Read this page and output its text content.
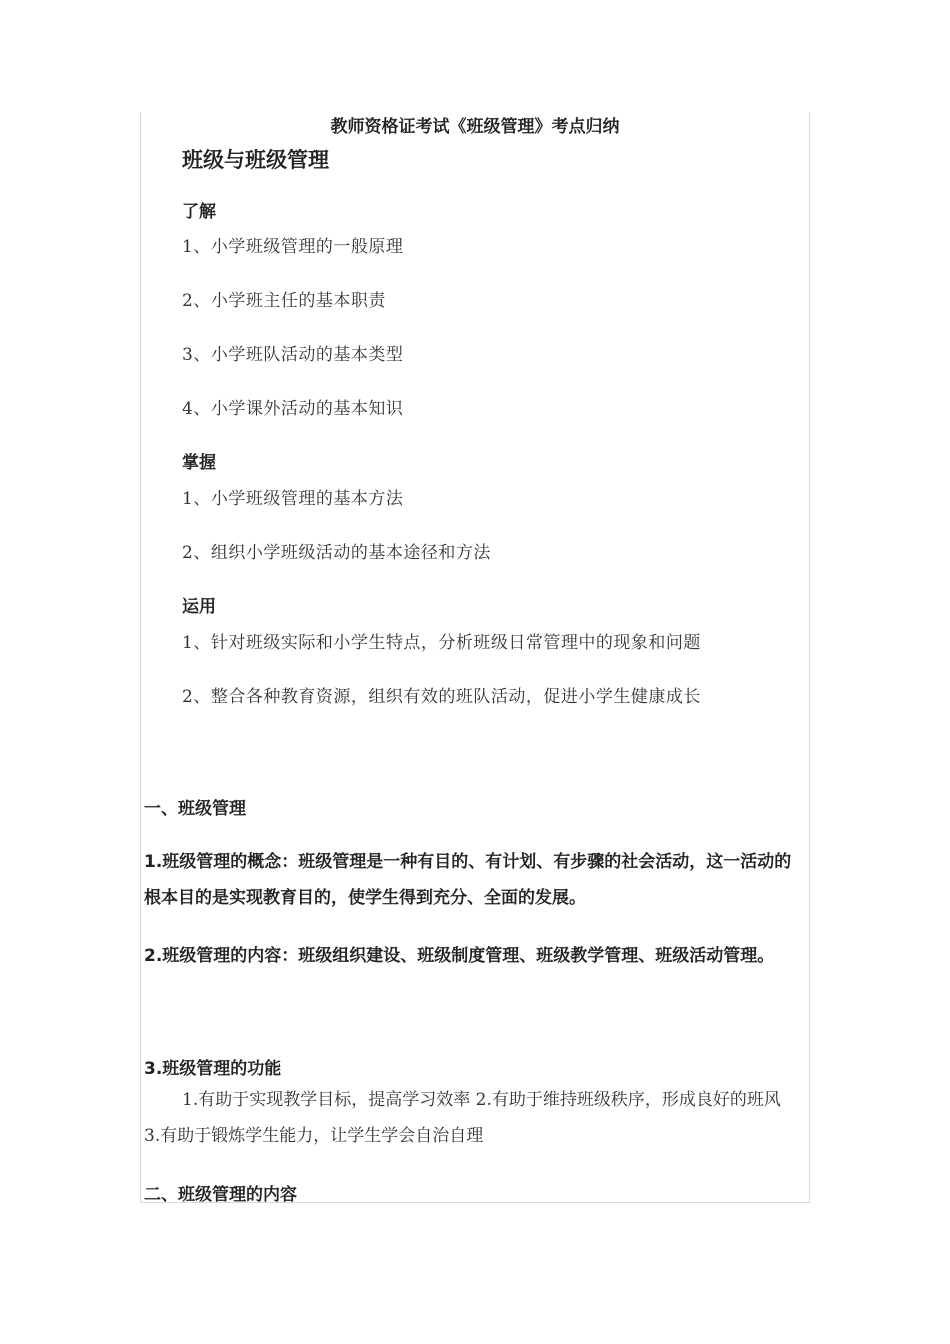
教师资格证考试《班级管理》考点归纳
班级与班级管理
了解
1、小学班级管理的一般原理
2、小学班主任的基本职责
3、小学班队活动的基本类型
4、小学课外活动的基本知识
掌握
1、小学班级管理的基本方法
2、组织小学班级活动的基本途径和方法
运用
1、针对班级实际和小学生特点，分析班级日常管理中的现象和问题
2、整合各种教育资源，组织有效的班队活动，促进小学生健康成长
一、班级管理
1.班级管理的概念：班级管理是一种有目的、有计划、有步骤的社会活动，这一活动的根本目的是实现教育目的，使学生得到充分、全面的发展。
2.班级管理的内容：班级组织建设、班级制度管理、班级教学管理、班级活动管理。
3.班级管理的功能
1.有助于实现教学目标，提高学习效率 2.有助于维持班级秩序，形成良好的班风 3.有助于锻炼学生能力，让学生学会自治自理
二、班级管理的内容
